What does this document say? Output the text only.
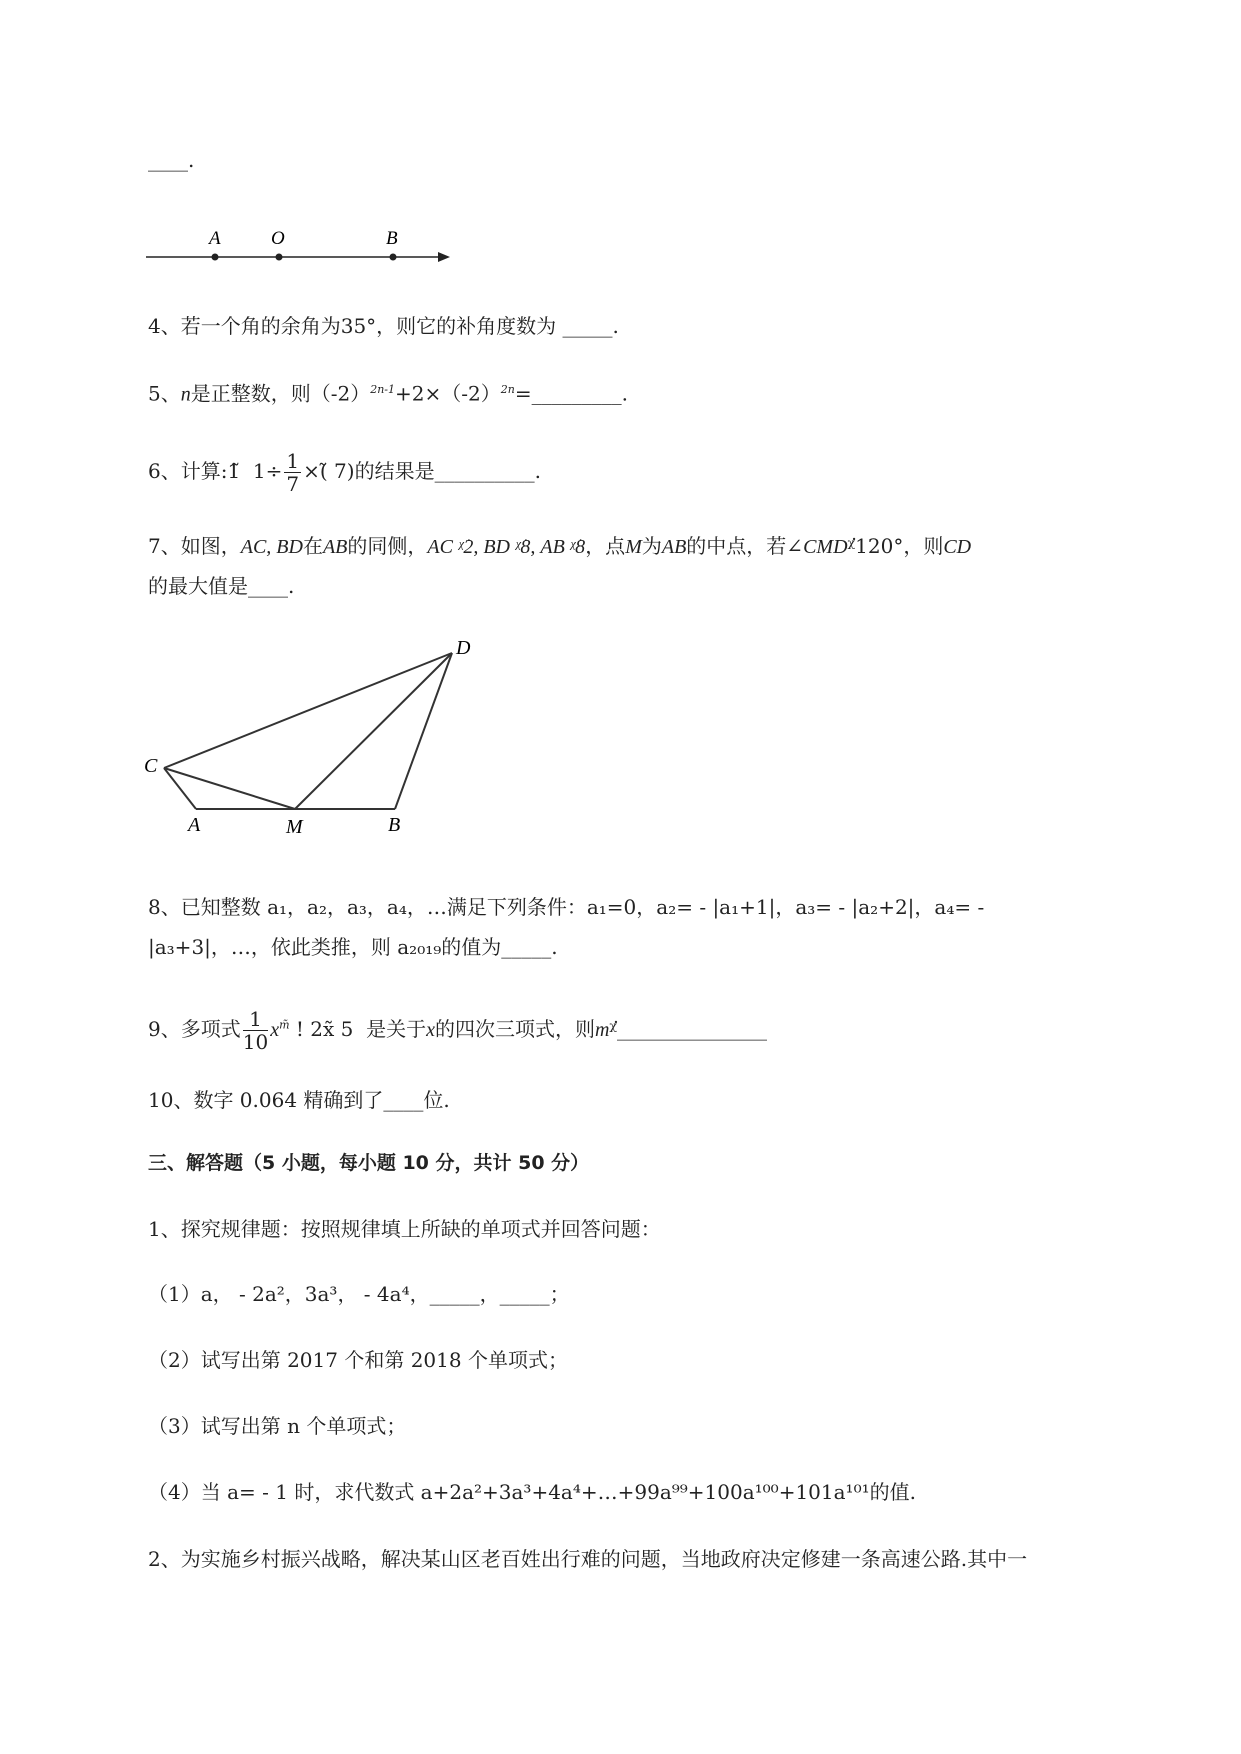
____.
A	O	B
4、若一个角的余角为35°，则它的补角度数为 _____.
5、n是正整数，则$(-2)^{2n-1}+2\times(-2)^{2n}=\_\_\_\_\_\_\_\_\_$.
6、计算:1̃ $1\div \frac{1}{7}$ ×(̃ 7)的结果是__________.
7、如图，AC, BD在AB的同侧，AC ᵡ͘2, BD ᵡ͘8, AB ᵡ͘8，点M为AB的中点，若∠CMDᵡ͘120°，则CD
的最大值是____.
D
C
A	M	B
8、已知整数 a₁，a₂，a₃，a₄，…满足下列条件：a₁=0，a₂= - |a₁+1|，a₃= - |a₂+2|，a₄= -
|a₃+3|，…，依此类推，则 a₂₀₁₉的值为_____.
9、多项式 $\frac{1}{10} x^{m̃}$ ! 2x̃ 5 是关于x的四次三项式，则mᵡ͘_______________
10、数字 0.064 精确到了____位.
三、解答题（5 小题，每小题 10 分，共计 50 分）
1、探究规律题：按照规律填上所缺的单项式并回答问题：
（1）a， - 2a²，3a³， - 4a⁴，_____，_____；
（2）试写出第 2017 个和第 2018 个单项式；
（3）试写出第 n 个单项式；
（4）当 a= - 1 时，求代数式 a+2a²+3a³+4a⁴+…+99a⁹⁹+100a¹⁰⁰+101a¹⁰¹的值.
2、为实施乡村振兴战略，解决某山区老百姓出行难的问题，当地政府决定修建一条高速公路.其中一
